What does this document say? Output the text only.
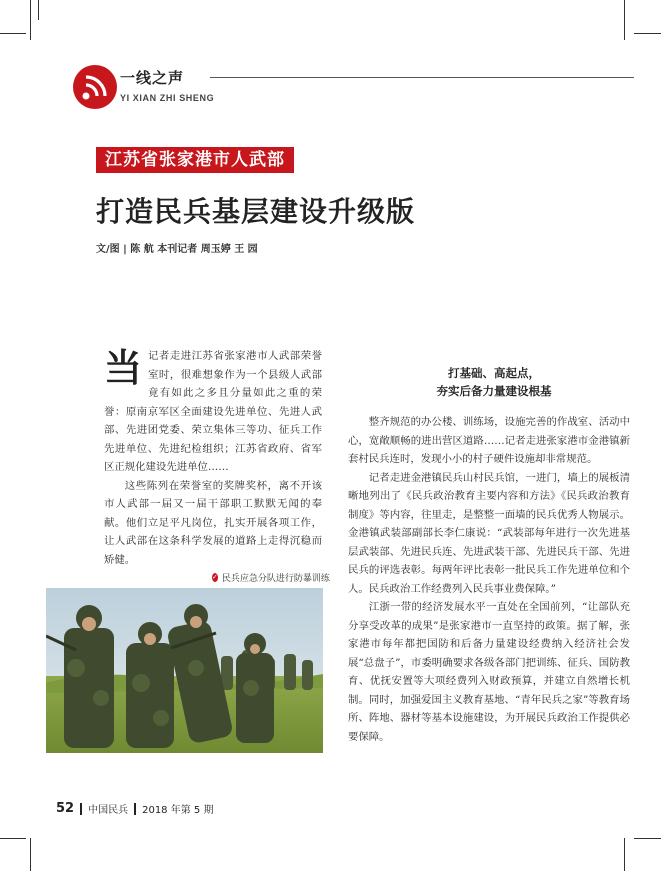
一线之声
YI XIAN ZHI SHENG
江苏省张家港市人武部
打造民兵基层建设升级版
文/图 | 陈 航 本刊记者 周玉婷 王 园
当 记者走进江苏省张家港市人武部荣誉室时，很难想象作为一个县级人武部竟有如此之多且分量如此之重的荣誉：原南京军区全面建设先进单位、先进人武部、先进团党委、荣立集体三等功、征兵工作先进单位、先进纪检组织；江苏省政府、省军区正规化建设先进单位……

这些陈列在荣誉室的奖牌奖杯，离不开该市人武部一届又一届干部职工默默无闻的奉献。他们立足平凡岗位，扎实开展各项工作，让人武部在这条科学发展的道路上走得沉稳而矫健。

✓ 民兵应急分队进行防暴训练
打基础、高起点，
夯实后备力量建设根基

整齐规范的办公楼、训练场，设施完善的作战室、活动中心，宽敞顺畅的进出营区道路……记者走进张家港市金港镇新套村民兵连时，发现小小的村子硬件设施却非常规范。

记者走进金港镇民兵山村民兵馆，一进门，墙上的展板清晰地列出了《民兵政治教育主要内容和方法》《民兵政治教育制度》等内容，往里走，是整整一面墙的民兵优秀人物展示。金港镇武装部副部长李仁康说：“武装部每年进行一次先进基层武装部、先进民兵连、先进武装干部、先进民兵干部、先进民兵的评选表彰。每两年评比表彰一批民兵工作先进单位和个人。民兵政治工作经费列入民兵事业费保障。”

江浙一带的经济发展水平一直处在全国前列，“让部队充分享受改革的成果”是张家港市一直坚持的政策。据了解，张家港市每年都把国防和后备力量建设经费纳入经济社会发展“总盘子”，市委明确要求各级各部门把训练、征兵、国防教育、优抚安置等大项经费列入财政预算，并建立自然增长机制。同时，加强爱国主义教育基地、“青年民兵之家”等教育场所、阵地、器材等基本设施建设，为开展民兵政治工作提供必要保障。

52 中国民兵 2018 年第 5 期
